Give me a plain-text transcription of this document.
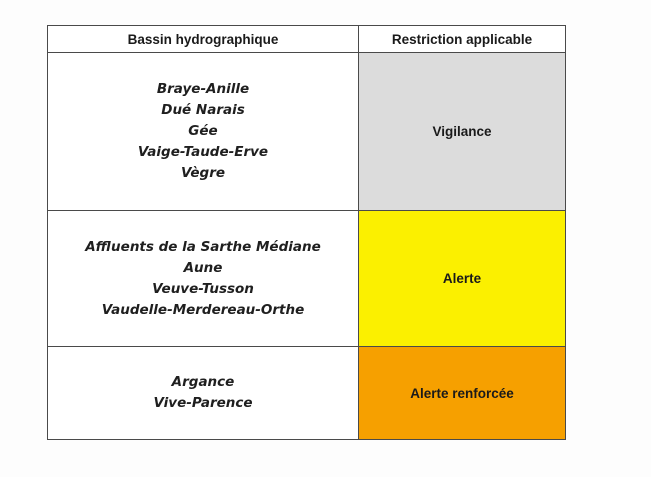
Bassin hydrographique	Restriction applicable

Braye-Anille
Dué Narais
Gée
Vaige-Taude-Erve
Vègre	Vigilance

Affluents de la Sarthe Médiane
Aune
Veuve-Tusson
Vaudelle-Merdereau-Orthe	Alerte

Argance
Vive-Parence	Alerte renforcée
